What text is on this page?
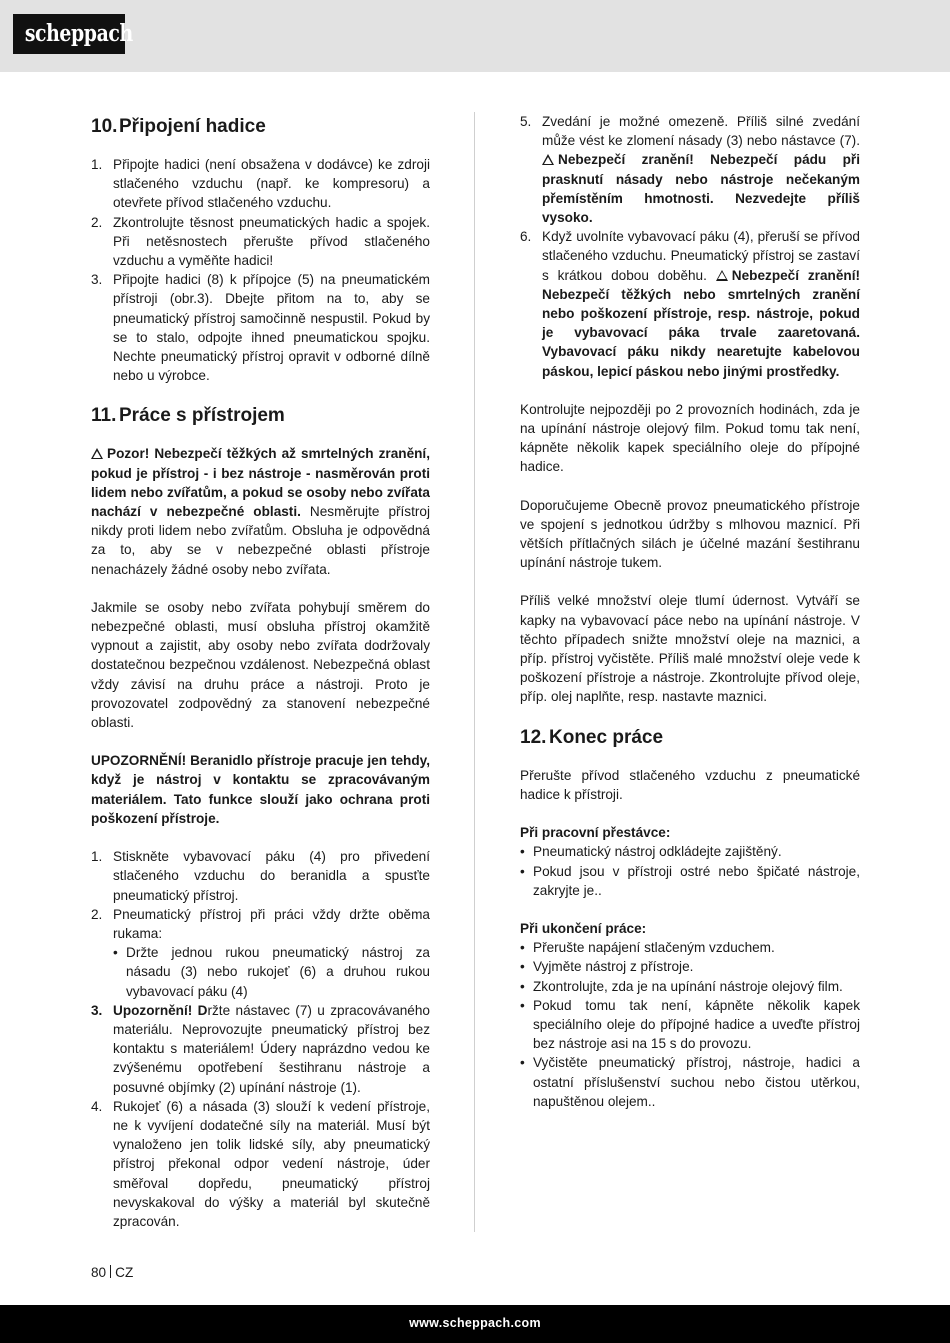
scheppach
10.Připojení hadice
1. Připojte hadici (není obsažena v dodávce) ke zdroji stlačeného vzduchu (např. ke kompresoru) a otevřete přívod stlačeného vzduchu.
2. Zkontrolujte těsnost pneumatických hadic a spojek. Při netěsnostech přerušte přívod stlačeného vzduchu a vyměňte hadici!
3. Připojte hadici (8) k přípojce (5) na pneumatickém přístroji (obr.3). Dbejte přitom na to, aby se pneumatický přístroj samočinně nespustil. Pokud by se to stalo, odpojte ihned pneumatickou spojku. Nechte pneumatický přístroj opravit v odborné dílně nebo u výrobce.
11. Práce s přístrojem

Pozor! Nebezpečí těžkých až smrtelných zranění, pokud je přístroj - i bez nástroje - nasměrován proti lidem nebo zvířatům, a pokud se osoby nebo zvířata nachází v nebezpečné oblasti. Nesměrujte přístroj nikdy proti lidem nebo zvířatům. Obsluha je odpovědná za to, aby se v nebezpečné oblasti přístroje nenacházely žádné osoby nebo zvířata.

Jakmile se osoby nebo zvířata pohybují směrem do nebezpečné oblasti, musí obsluha přístroj okamžitě vypnout a zajistit, aby osoby nebo zvířata dodržovaly dostatečnou bezpečnou vzdálenost. Nebezpečná oblast vždy závisí na druhu práce a nástroji. Proto je provozovatel zodpovědný za stanovení nebezpečné oblasti.

UPOZORNĚNÍ! Beranidlo přístroje pracuje jen tehdy, když je nástroj v kontaktu se zpracovávaným materiálem. Tato funkce slouží jako ochrana proti poškození přístroje.

1. Stiskněte vybavovací páku (4) pro přivedení stlačeného vzduchu do beranidla a spusťte pneumatický přístroj.
2. Pneumatický přístroj při práci vždy držte oběma rukama:
• Držte jednou rukou pneumatický nástroj za násadu (3) nebo rukojeť (6) a druhou rukou vybavovací páku (4)
3. Upozornění! Držte nástavec (7) u zpracovávaného materiálu. Neprovozujte pneumatický přístroj bez kontaktu s materiálem! Údery naprázdno vedou ke zvýšenému opotřebení šestihranu nástroje a posuvné objímky (2) upínání nástroje (1).
4. Rukojeť (6) a násada (3) slouží k vedení přístroje, ne k vyvíjení dodatečné síly na materiál. Musí být vynaloženo jen tolik lidské síly, aby pneumatický přístroj překonal odpor vedení nástroje, úder směřoval dopředu, pneumatický přístroj nevyskakoval do výšky a materiál byl skutečně zpracován.
5. Zvedání je možné omezeně. Příliš silné zvedání může vést ke zlomení násady (3) nebo nástavce (7). Nebezpečí zranění! Nebezpečí pádu při prasknutí násady nebo nástroje nečekaným přemístěním hmotnosti. Nezvedejte příliš vysoko.
6. Když uvolníte vybavovací páku (4), přeruší se přívod stlačeného vzduchu. Pneumatický přístroj se zastaví s krátkou dobou doběhu. Nebezpečí zranění! Nebezpečí těžkých nebo smrtelných zranění nebo poškození přístroje, resp. nástroje, pokud je vybavovací páka trvale zaaretovaná. Vybavovací páku nikdy nearetujte kabelovou páskou, lepicí páskou nebo jinými prostředky.

Kontrolujte nejpozději po 2 provozních hodinách, zda je na upínání nástroje olejový film. Pokud tomu tak není, kápněte několik kapek speciálního oleje do přípojné hadice.

Doporučujeme Obecně provoz pneumatického přístroje ve spojení s jednotkou údržby s mlhovou maznicí. Při větších přítlačných silách je účelné mazání šestihranu upínání nástroje tukem.

Příliš velké množství oleje tlumí údernost. Vytváří se kapky na vybavovací páce nebo na upínání nástroje. V těchto případech snižte množství oleje na maznici, a příp. přístroj vyčistěte. Příliš malé množství oleje vede k poškození přístroje a nástroje. Zkontrolujte přívod oleje, příp. olej naplňte, resp. nastavte maznici.

12. Konec práce

Přerušte přívod stlačeného vzduchu z pneumatické hadice k přístroji.

Při pracovní přestávce:

• Pneumatický nástroj odkládejte zajištěný.
• Pokud jsou v přístroji ostré nebo špičaté nástroje, zakryjte je..

Při ukončení práce:

• Přerušte napájení stlačeným vzduchem.
• Vyjměte nástroj z přístroje.
• Zkontrolujte, zda je na upínání nástroje olejový film.
• Pokud tomu tak není, kápněte několik kapek speciálního oleje do přípojné hadice a uveďte přístroj bez nástroje asi na 15 s do provozu.
• Vyčistěte pneumatický přístroj, nástroje, hadici a ostatní příslušenství suchou nebo čistou utěrkou, napuštěnou olejem..
80 CZ
www.scheppach.com
